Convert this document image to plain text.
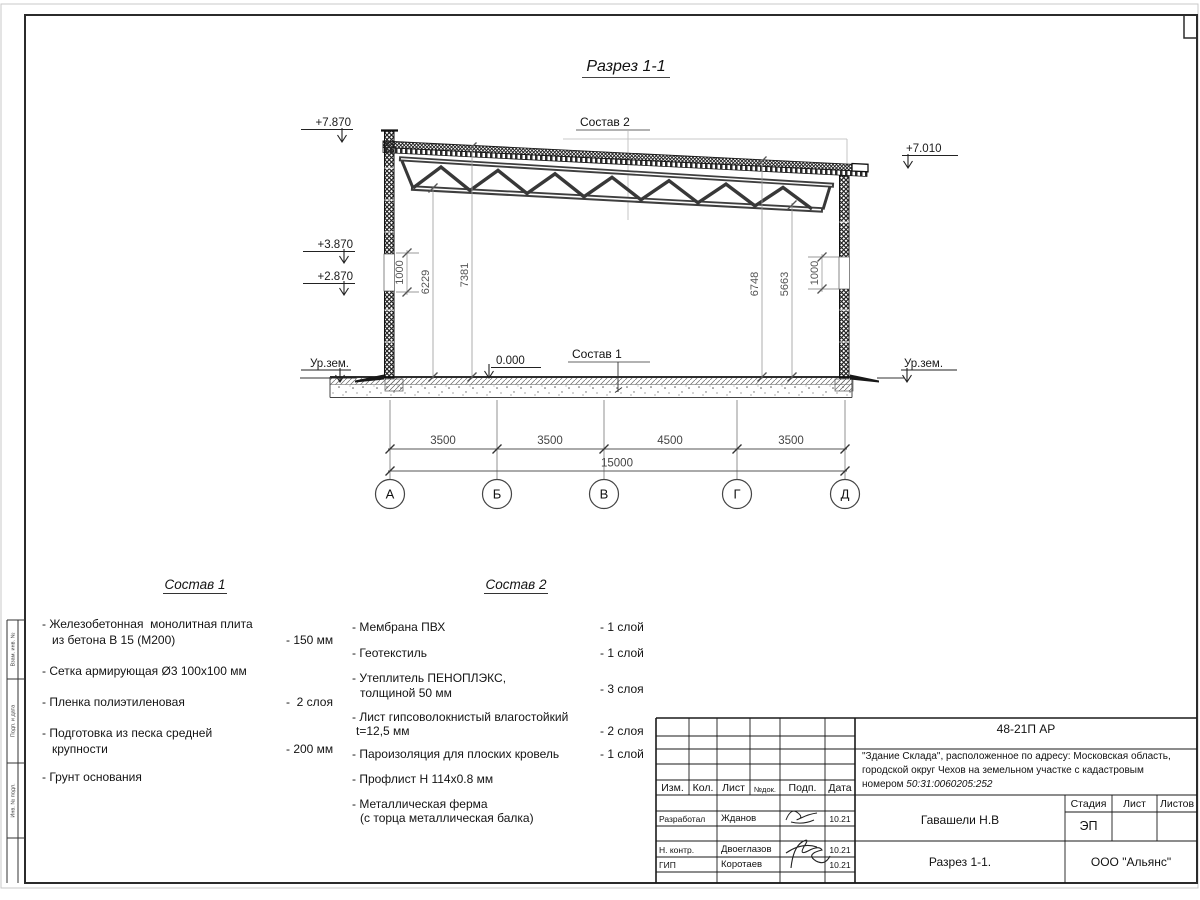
6229 7381	6748 5663
1000	1000
+7.870
+3.870
+2.870
Ур.зем.
+7.010
Ур.зем.
0.000
Состав 2
Состав 1
3500	3500	4500	3500
15000
А	Б	В	Г	Д
Взам. инв. №
Подп. и дата
Инв. № подл.
Разрез 1-1
Состав 1
- Железобетонная  монолитная плита
из бетона В 15 (М200)	- 150 мм
- Сетка армирующая Ø3 100х100 мм
- Пленка полиэтиленовая	-  2 слоя
- Подготовка из песка средней
крупности	- 200 мм
- Грунт основания
Состав 2
- Мембрана ПВХ	- 1 слой
- Геотекстиль	- 1 слой
- Утеплитель ПЕНОПЛЭКС,
толщиной 50 мм	- 3 слоя
- Лист гипсоволокнистый влагостойкий
t=12,5 мм	- 2 слоя
- Пароизоляция для плоских кровель	- 1 слой
- Профлист Н 114х0.8 мм
- Металлическая ферма
(с торца металлическая балка)
48-21П АР
"Здание Склада", расположенное по адресу: Московская область,
городской округ Чехов на земельном участке с кадастровым
номером 50:31:0060205:252
Изм. Кол. Лист	№док.	Подп.	Дата
Разработал Жданов	10.21
Н. контр.	Двоеглазов	10.21
ГИП	Коротаев	10.21
Гавашели Н.В
Стадия	Лист	Листов
ЭП
Разрез 1-1.	ООО "Альянс"
